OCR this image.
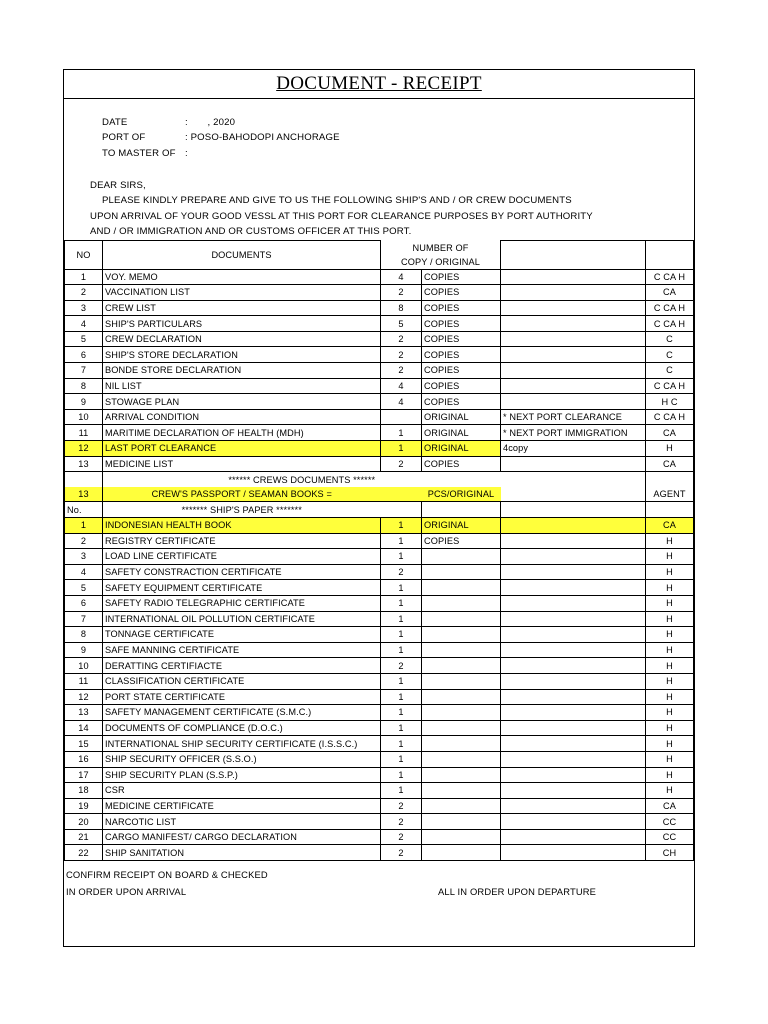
DOCUMENT - RECEIPT
DATE	:       , 2020
PORT OF	: POSO-BAHODOPI ANCHORAGE
TO MASTER OF :
DEAR SIRS,
PLEASE KINDLY PREPARE AND GIVE TO US THE FOLLOWING SHIP'S AND / OR CREW DOCUMENTS
UPON ARRIVAL OF YOUR GOOD VESSL AT THIS PORT FOR CLEARANCE PURPOSES BY PORT AUTHORITY
AND / OR IMMIGRATION AND OR CUSTOMS OFFICER AT THIS PORT.
NO	DOCUMENTS	NUMBER OF			
		COPY / ORIGINAL			
1	VOY. MEMO	4	COPIES		C CA H
2	VACCINATION LIST	2	COPIES		CA
3	CREW LIST	8	COPIES		C CA H
4	SHIP'S PARTICULARS	5	COPIES		C CA H
5	CREW DECLARATION	2	COPIES		C
6	SHIP'S STORE DECLARATION	2	COPIES		C
7	BONDE STORE DECLARATION	2	COPIES		C
8	NIL LIST	4	COPIES		C CA H
9	STOWAGE PLAN	4	COPIES		H C
10	ARRIVAL CONDITION		ORIGINAL	* NEXT PORT CLEARANCE	C CA H
11	MARITIME DECLARATION OF HEALTH (MDH)	1	ORIGINAL	* NEXT PORT IMMIGRATION	CA
12	LAST PORT CLEARANCE	1	ORIGINAL	4copy	H
13	MEDICINE LIST	2	COPIES		CA
	****** CREWS DOCUMENTS ******				
13	CREW'S PASSPORT / SEAMAN BOOKS =		PCS/ORIGINAL		AGENT
No.	******* SHIP'S PAPER *******				
1	INDONESIAN HEALTH BOOK	1	ORIGINAL		CA
2	REGISTRY CERTIFICATE	1	COPIES		H
3	LOAD LINE CERTIFICATE	1			H
4	SAFETY CONSTRACTION CERTIFICATE	2			H
5	SAFETY EQUIPMENT CERTIFICATE	1			H
6	SAFETY RADIO TELEGRAPHIC CERTIFICATE	1			H
7	INTERNATIONAL OIL POLLUTION CERTIFICATE	1			H
8	TONNAGE CERTIFICATE	1			H
9	SAFE MANNING CERTIFICATE	1			H
10	DERATTING CERTIFIACTE	2			H
11	CLASSIFICATION CERTIFICATE	1			H
12	PORT STATE CERTIFICATE	1			H
13	SAFETY MANAGEMENT CERTIFICATE (S.M.C.)	1			H
14	DOCUMENTS OF COMPLIANCE (D.O.C.)	1			H
15	INTERNATIONAL SHIP SECURITY CERTIFICATE (I.S.S.C.)	1			H
16	SHIP SECURITY OFFICER (S.S.O.)	1			H
17	SHIP SECURITY PLAN (S.S.P.)	1			H
18	CSR	1			H
19	MEDICINE CERTIFICATE	2			CA
20	NARCOTIC LIST	2			CC
21	CARGO MANIFEST/ CARGO DECLARATION	2			CC
22	SHIP SANITATION	2			CH
CONFIRM RECEIPT ON BOARD & CHECKED
IN ORDER UPON ARRIVAL	ALL IN ORDER UPON DEPARTURE
